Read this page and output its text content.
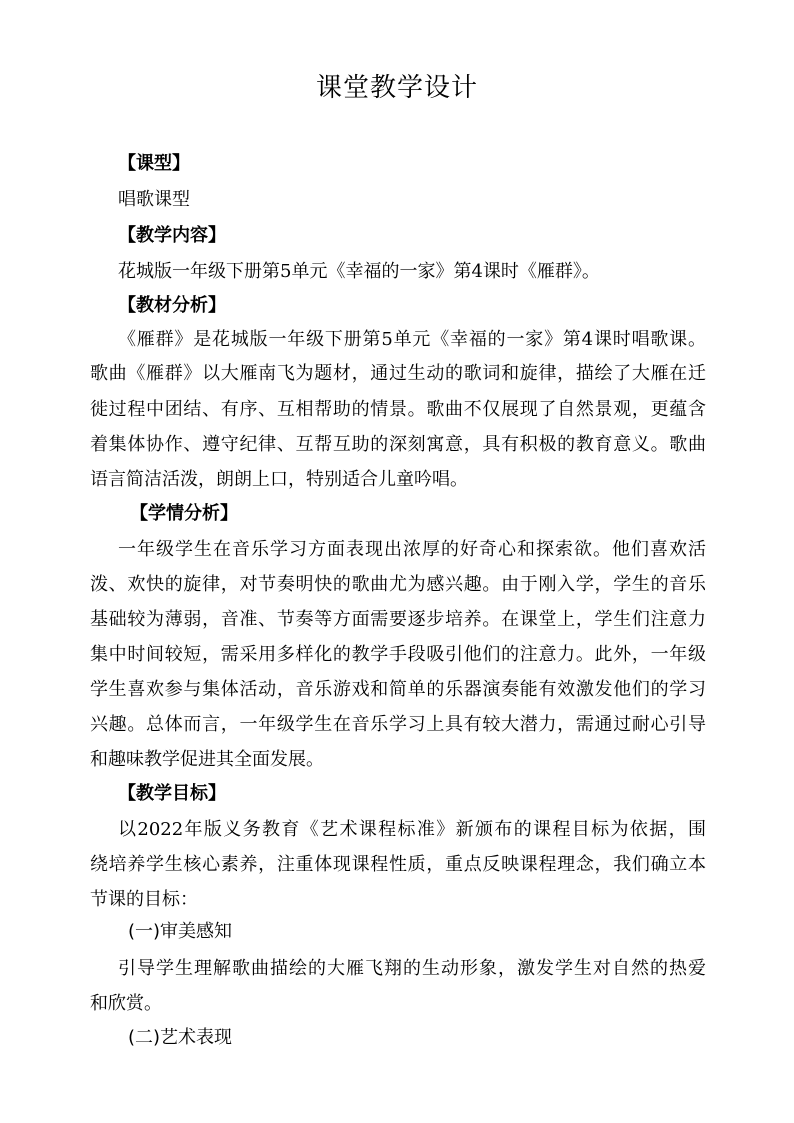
课堂教学设计
【课型】
唱歌课型
【教学内容】
花城版一年级下册第5单元《幸福的一家》第4课时《雁群》。
【教材分析】
《雁群》是花城版一年级下册第5单元《幸福的一家》第4课时唱歌课。
歌曲《雁群》以大雁南飞为题材，通过生动的歌词和旋律，描绘了大雁在迁
徙过程中团结、有序、互相帮助的情景。歌曲不仅展现了自然景观，更蕴含
着集体协作、遵守纪律、互帮互助的深刻寓意，具有积极的教育意义。歌曲
语言简洁活泼，朗朗上口，特别适合儿童吟唱。
【学情分析】
一年级学生在音乐学习方面表现出浓厚的好奇心和探索欲。他们喜欢活
泼、欢快的旋律，对节奏明快的歌曲尤为感兴趣。由于刚入学，学生的音乐
基础较为薄弱，音准、节奏等方面需要逐步培养。在课堂上，学生们注意力
集中时间较短，需采用多样化的教学手段吸引他们的注意力。此外，一年级
学生喜欢参与集体活动，音乐游戏和简单的乐器演奏能有效激发他们的学习
兴趣。总体而言，一年级学生在音乐学习上具有较大潜力，需通过耐心引导
和趣味教学促进其全面发展。
【教学目标】
以2022年版义务教育《艺术课程标准》新颁布的课程目标为依据，围
绕培养学生核心素养，注重体现课程性质，重点反映课程理念，我们确立本
节课的目标：
(一)审美感知
引导学生理解歌曲描绘的大雁飞翔的生动形象，激发学生对自然的热爱
和欣赏。
(二)艺术表现
